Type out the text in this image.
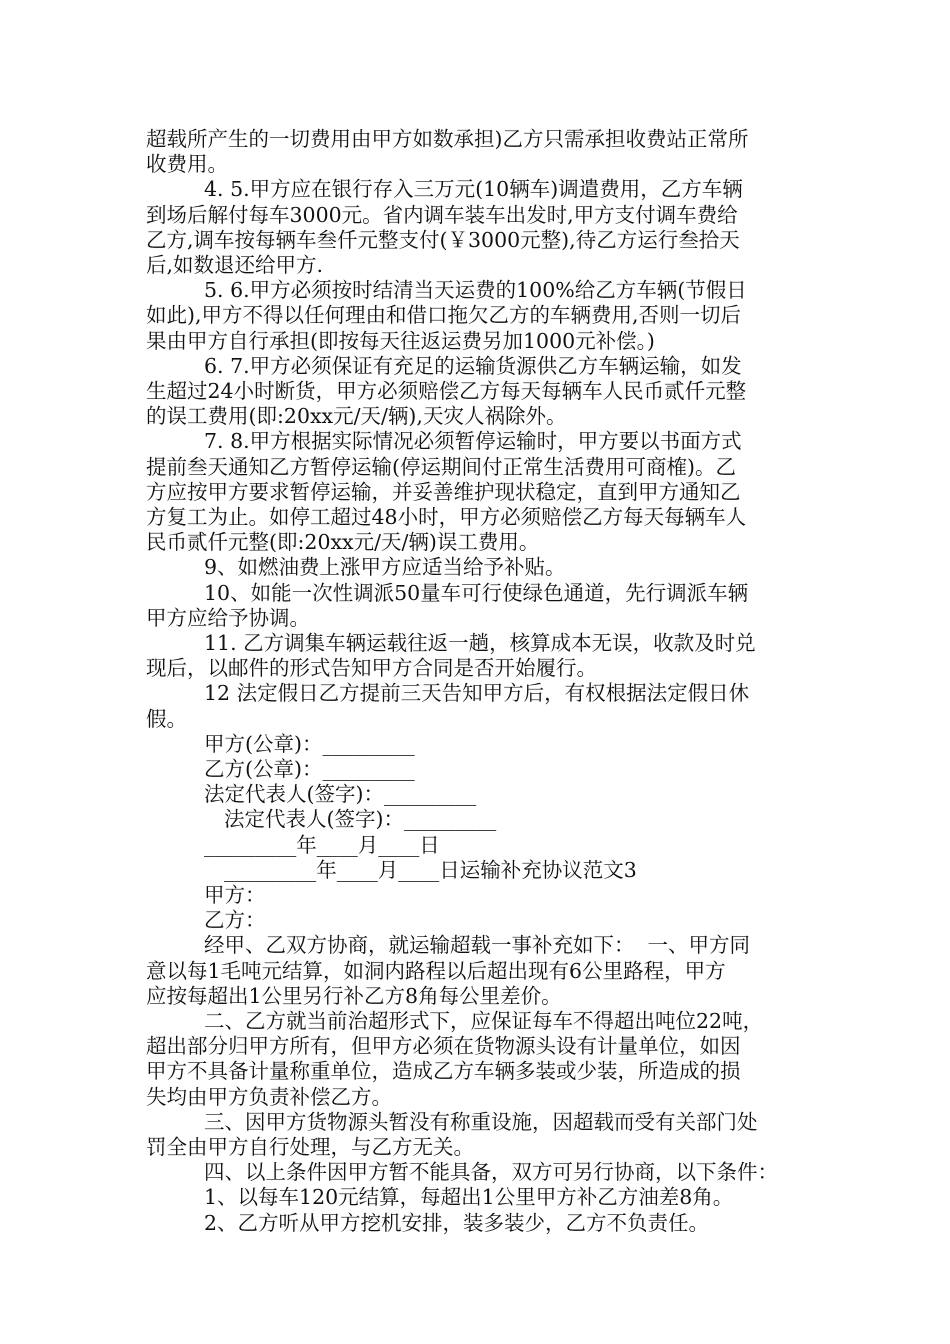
超载所产生的一切费用由甲方如数承担)乙方只需承担收费站正常所
收费用。
4. 5.甲方应在银行存入三万元(10辆车)调遣费用，乙方车辆
到场后解付每车3000元。省内调车装车出发时,甲方支付调车费给
乙方,调车按每辆车叁仟元整支付(￥3000元整),待乙方运行叁拾天
后,如数退还给甲方.
5. 6.甲方必须按时结清当天运费的100%给乙方车辆(节假日
如此),甲方不得以任何理由和借口拖欠乙方的车辆费用,否则一切后
果由甲方自行承担(即按每天往返运费另加1000元补偿。)
6. 7.甲方必须保证有充足的运输货源供乙方车辆运输，如发
生超过24小时断货，甲方必须赔偿乙方每天每辆车人民币贰仟元整
的误工费用(即:20xx元/天/辆),天灾人祸除外。
7. 8.甲方根据实际情况必须暂停运输时，甲方要以书面方式
提前叁天通知乙方暂停运输(停运期间付正常生活费用可商榷)。乙
方应按甲方要求暂停运输，并妥善维护现状稳定，直到甲方通知乙
方复工为止。如停工超过48小时，甲方必须赔偿乙方每天每辆车人
民币贰仟元整(即:20xx元/天/辆)误工费用。
9、如燃油费上涨甲方应适当给予补贴。
10、如能一次性调派50量车可行使绿色通道，先行调派车辆
甲方应给予协调。
11. 乙方调集车辆运载往返一趟，核算成本无误，收款及时兑
现后，以邮件的形式告知甲方合同是否开始履行。
12 法定假日乙方提前三天告知甲方后，有权根据法定假日休
假。
甲方(公章)：_________
乙方(公章)：_________
法定代表人(签字)：_________
法定代表人(签字)：_________
_________年____月____日
_________年____月____日运输补充协议范文3
甲方：
乙方：
经甲、乙双方协商，就运输超载一事补充如下：  一、甲方同
意以每1毛吨元结算，如洞内路程以后超出现有6公里路程，甲方
应按每超出1公里另行补乙方8角每公里差价。
二、乙方就当前治超形式下，应保证每车不得超出吨位22吨，
超出部分归甲方所有，但甲方必须在货物源头设有计量单位，如因
甲方不具备计量称重单位，造成乙方车辆多装或少装，所造成的损
失均由甲方负责补偿乙方。
三、因甲方货物源头暂没有称重设施，因超载而受有关部门处
罚全由甲方自行处理，与乙方无关。
四、以上条件因甲方暂不能具备，双方可另行协商，以下条件：
1、以每车120元结算，每超出1公里甲方补乙方油差8角。
2、乙方听从甲方挖机安排，装多装少，乙方不负责任。
